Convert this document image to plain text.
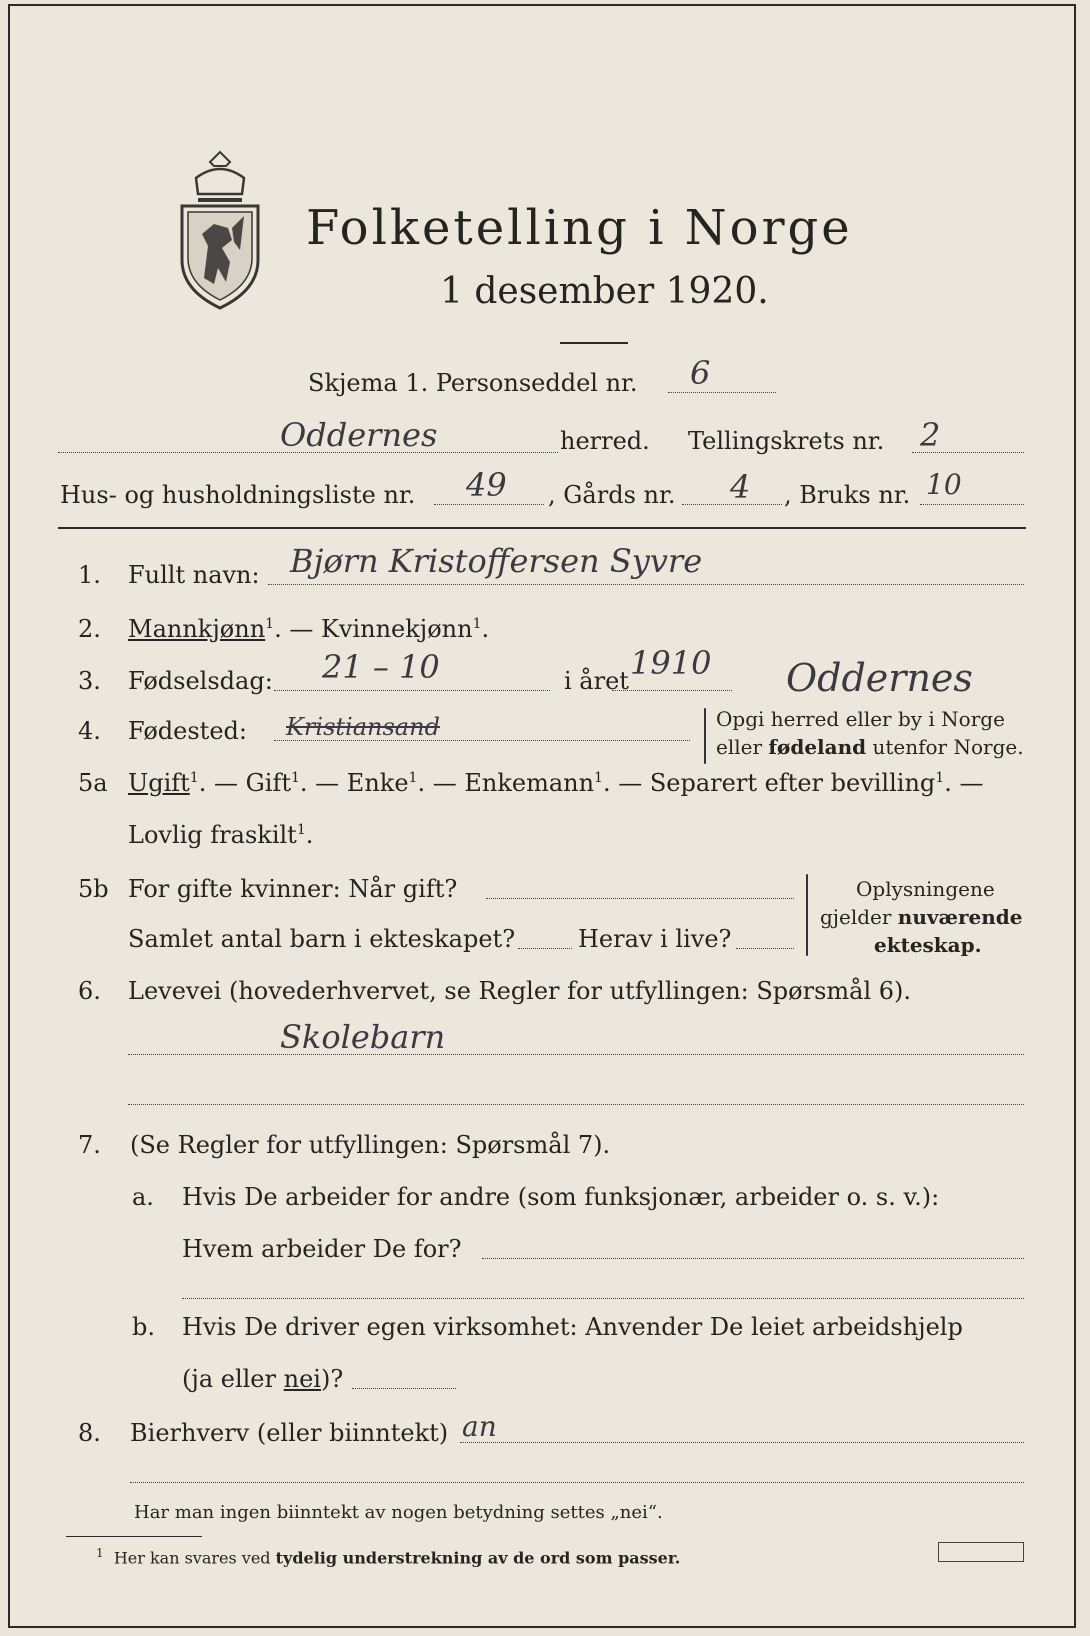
Folketelling i Norge
1 desember 1920.
Skjema 1. Personseddel nr. 6
Oddernes	herred. Tellingskrets nr. 2
Hus- og husholdningsliste nr. 49 , Gårds nr. 4 , Bruks nr. 10
1. Fullt navn: Bjørn Kristoffersen Syvre
2. Mannkjønn$^1$. — Kvinnekjønn$^1$.
3. Fødselsdag: 21 – 10	i året 1910 Oddernes
4. Fødested: Kristiansand	Opgi herred eller by i Norge
eller fødeland utenfor Norge.
5a Ugift$^1$. — Gift$^1$. — Enke$^1$. — Enkemann$^1$. — Separert efter bevilling$^1$. —
Lovlig fraskilt$^1$.
5b For gifte kvinner: Når gift?
Samlet antal barn i ekteskapet?	Herav i live?
Oplysningene
gjelder nuværende
ekteskap.
6. Levevei (hovederhvervet, se Regler for utfyllingen: Spørsmål 6).
Skolebarn
7. (Se Regler for utfyllingen: Spørsmål 7).
a. Hvis De arbeider for andre (som funksjonær, arbeider o. s. v.):
Hvem arbeider De for?
b. Hvis De driver egen virksomhet: Anvender De leiet arbeidshjelp
(ja eller nei)?
8. Bierhverv (eller biinntekt) an
Har man ingen biinntekt av nogen betydning settes „nei“.
$^1$ Her kan svares ved tydelig understrekning av de ord som passer.
